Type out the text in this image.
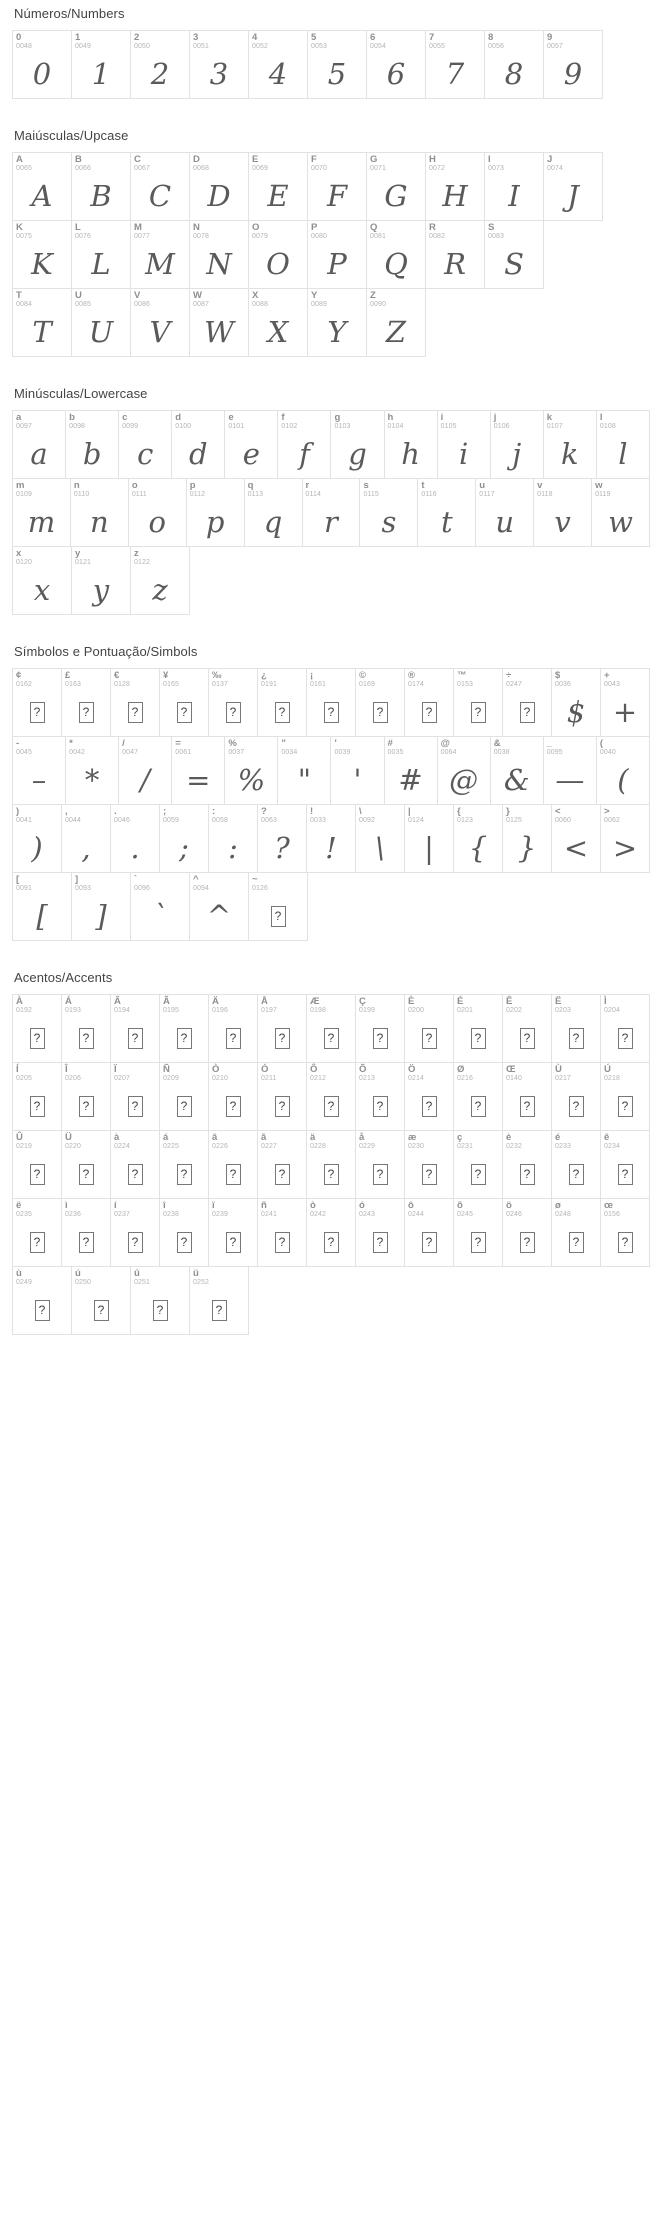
Números/Numbers
0
0048
0
1
0049
1
2
0050
2
3
0051
3
4
0052
4
5
0053
5
6
0054
6
7
0055
7
8
0056
8
9
0057
9
Maiúsculas/Upcase
A
0065
A
B
0066
B
C
0067
C
D
0068
D
E
0069
E
F
0070
F
G
0071
G
H
0072
H
I
0073
I
J
0074
J
K
0075
K
L
0076
L
M
0077
M
N
0078
N
O
0079
O
P
0080
P
Q
0081
Q
R
0082
R
S
0083
S
T
0084
T
U
0085
U
V
0086
V
W
0087
W
X
0088
X
Y
0089
Y
Z
0090
Z
Minúsculas/Lowercase
a
0097
a
b
0098
b
c
0099
c
d
0100
d
e
0101
e
f
0102
f
g
0103
g
h
0104
h
i
0105
i
j
0106
j
k
0107
k
l
0108
l
m
0109
m
n
0110
n
o
0111
o
p
0112
p
q
0113
q
r
0114
r
s
0115
s
t
0116
t
u
0117
u
v
0118
v
w
0119
w
x
0120
x
y
0121
y
z
0122
z
Símbolos e Pontuação/Simbols
¢
0162
?
£
0163
?
€
0128
?
¥
0165
?
‰
0137
?
¿
0191
?
¡
0161
?
©
0169
?
®
0174
?
™
0153
?
÷
0247
?
$
0036
$
+
0043
+
-
0045
–
*
0042
*
/
0047
/
=
0061
=
%
0037
%
"
0034
"
'
0039
'
#
0035
#
@
0064
@
&
0038
&
_
0095
—
(
0040
(
)
0041
)
,
0044
,
.
0046
.
;
0059
;
:
0058
:
?
0063
?
!
0033
!
\
0092
\
|
0124
|
{
0123
{
}
0125
}
<
0060
<
>
0062
>
[
0091
[
]
0093
]
`
0096
`
^
0094
^
~
0126
?
Acentos/Accents
À
0192
?
Á
0193
?
Â
0194
?
Ã
0195
?
Ä
0196
?
Å
0197
?
Æ
0198
?
Ç
0199
?
È
0200
?
É
0201
?
Ê
0202
?
Ë
0203
?
Ì
0204
?
Í
0205
?
Î
0206
?
Ï
0207
?
Ñ
0209
?
Ò
0210
?
Ó
0211
?
Ô
0212
?
Õ
0213
?
Ö
0214
?
Ø
0216
?
Œ
0140
?
Ù
0217
?
Ú
0218
?
Û
0219
?
Ü
0220
?
à
0224
?
á
0225
?
â
0226
?
ã
0227
?
ä
0228
?
å
0229
?
æ
0230
?
ç
0231
?
è
0232
?
é
0233
?
ê
0234
?
ë
0235
?
ì
0236
?
í
0237
?
î
0238
?
ï
0239
?
ñ
0241
?
ò
0242
?
ó
0243
?
ô
0244
?
õ
0245
?
ö
0246
?
ø
0248
?
œ
0156
?
ù
0249
?
ú
0250
?
û
0251
?
ü
0252
?
